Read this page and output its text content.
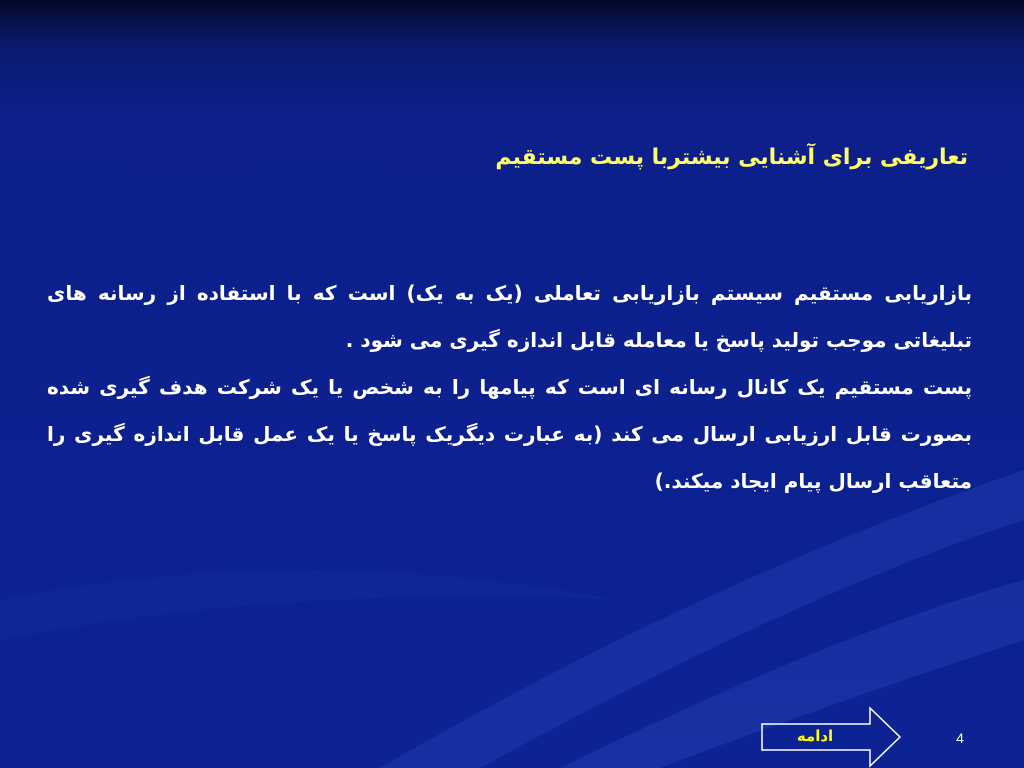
تعاریفی برای آشنایی بیشتربا پست مستقیم

بازاریابی مستقیم سیستم بازاریابی تعاملی (یک به یک) است که با استفاده از رسانه های تبلیغاتی موجب تولید پاسخ یا معامله قابل اندازه گیری می شود .

پست مستقیم یک کانال رسانه ای است که پیامها را به شخص یا یک شرکت هدف گیری شده بصورت قابل ارزیابی ارسال می کند (به عبارت دیگریک پاسخ یا یک عمل قابل اندازه گیری را متعاقب ارسال پیام ایجاد میکند.)

ادامه	4
